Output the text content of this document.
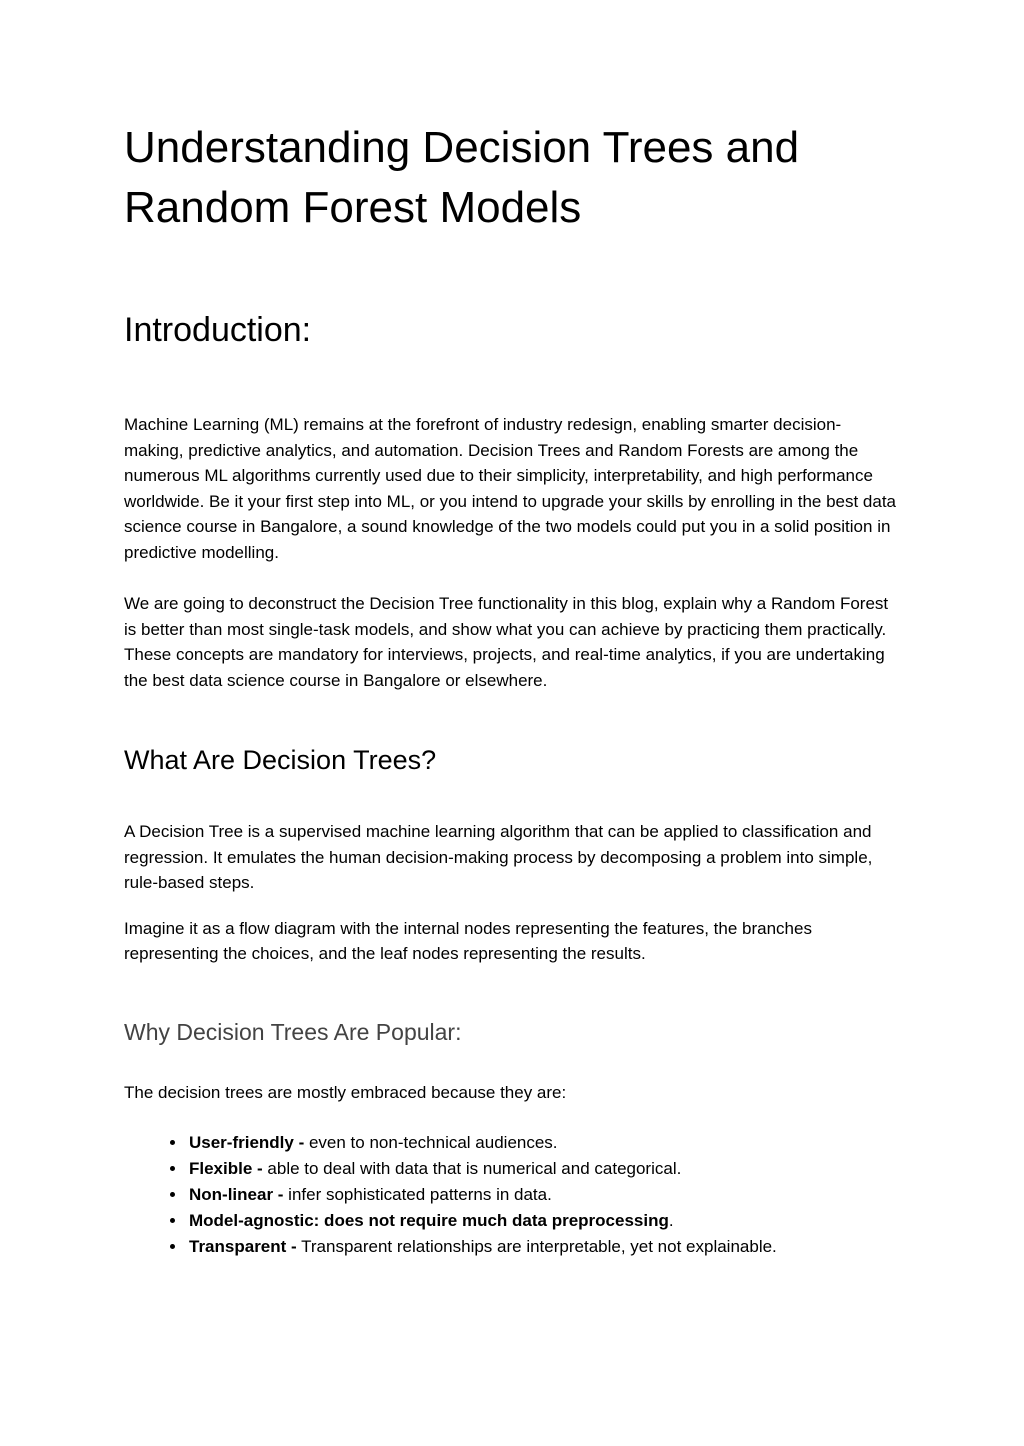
Understanding Decision Trees and Random Forest Models
Introduction:

Machine Learning (ML) remains at the forefront of industry redesign, enabling smarter decision-making, predictive analytics, and automation. Decision Trees and Random Forests are among the numerous ML algorithms currently used due to their simplicity, interpretability, and high performance worldwide. Be it your first step into ML, or you intend to upgrade your skills by enrolling in the best data science course in Bangalore, a sound knowledge of the two models could put you in a solid position in predictive modelling.

We are going to deconstruct the Decision Tree functionality in this blog, explain why a Random Forest is better than most single-task models, and show what you can achieve by practicing them practically. These concepts are mandatory for interviews, projects, and real-time analytics, if you are undertaking the best data science course in Bangalore or elsewhere.

What Are Decision Trees?

A Decision Tree is a supervised machine learning algorithm that can be applied to classification and regression. It emulates the human decision-making process by decomposing a problem into simple, rule-based steps.

Imagine it as a flow diagram with the internal nodes representing the features, the branches representing the choices, and the leaf nodes representing the results.

Why Decision Trees Are Popular:

The decision trees are mostly embraced because they are:

• User-friendly - even to non-technical audiences.
• Flexible - able to deal with data that is numerical and categorical.
• Non-linear - infer sophisticated patterns in data.
• Model-agnostic: does not require much data preprocessing.
• Transparent - Transparent relationships are interpretable, yet not explainable.
